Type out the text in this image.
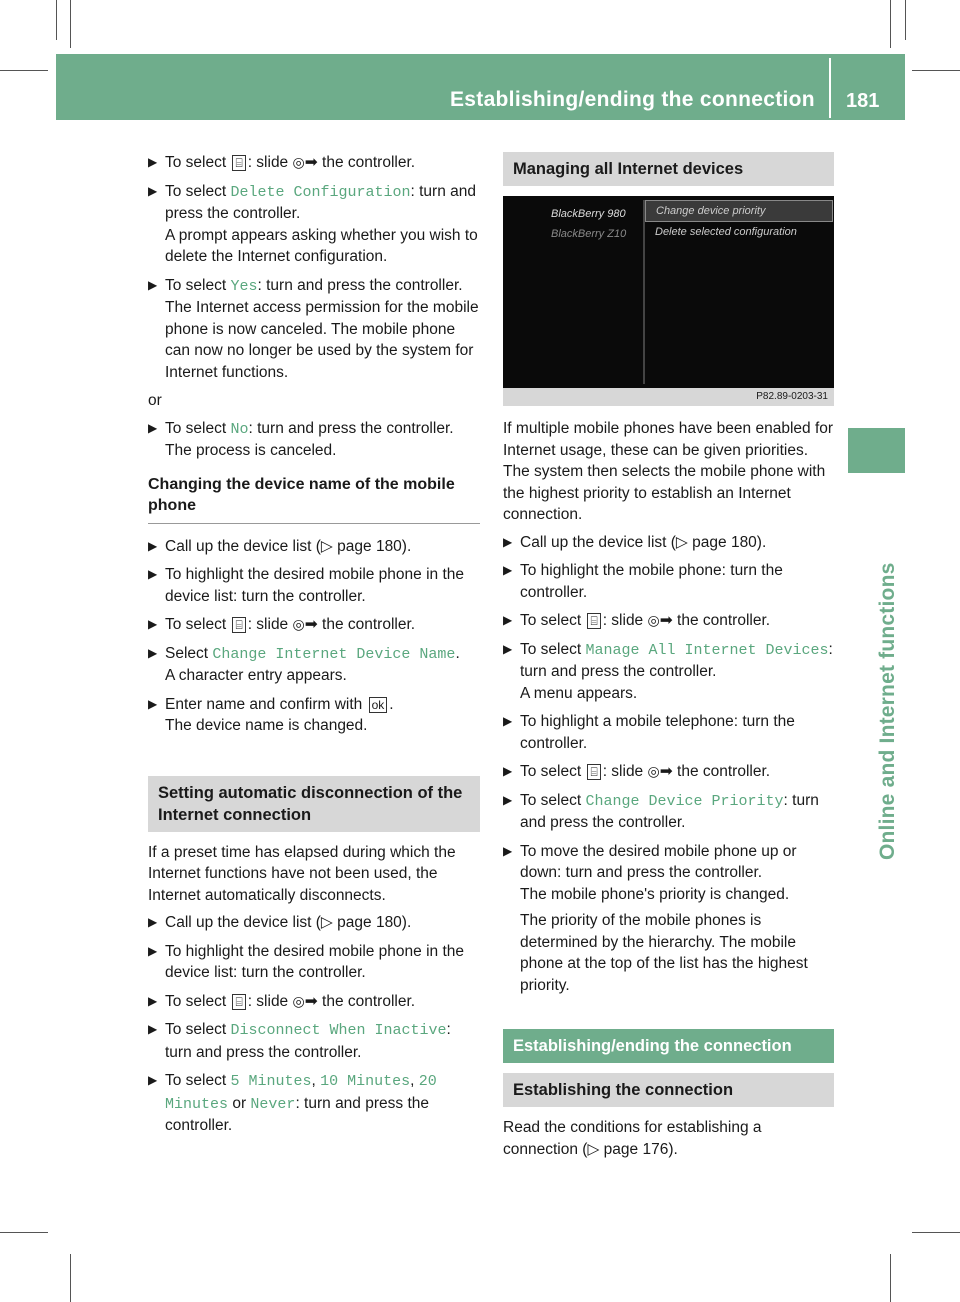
Establishing/ending the connection 181
Online and Internet functions
▶ To select ⌸ : slide ◎➡ the controller.
▶ To select Delete Configuration: turn and press the controller.
A prompt appears asking whether you wish to delete the Internet configuration.
▶ To select Yes: turn and press the controller.
The Internet access permission for the mobile phone is now canceled. The mobile phone can now no longer be used by the system for Internet functions.

or

▶ To select No: turn and press the controller.
The process is canceled.
Changing the device name of the mobile phone
▶ Call up the device list (▷ page 180).
▶ To highlight the desired mobile phone in the device list: turn the controller.
▶ To select ⌸ : slide ◎➡ the controller.
▶ Select Change Internet Device Name.
A character entry appears.
▶ Enter name and confirm with ok .
The device name is changed.
Setting automatic disconnection of the Internet connection

If a preset time has elapsed during which the Internet functions have not been used, the Internet automatically disconnects.

▶ Call up the device list (▷ page 180).
▶ To highlight the desired mobile phone in the device list: turn the controller.
▶ To select ⌸ : slide ◎➡ the controller.
▶ To select Disconnect When Inactive: turn and press the controller.
▶ To select 5 Minutes, 10 Minutes, 20 Minutes or Never: turn and press the controller.
Managing all Internet devices
BlackBerry 980
BlackBerry Z10
Change device priority
Delete selected configuration
P82.89-0203-31

If multiple mobile phones have been enabled for Internet usage, these can be given priorities. The system then selects the mobile phone with the highest priority to establish an Internet connection.

▶ Call up the device list (▷ page 180).
▶ To highlight the mobile phone: turn the controller.
▶ To select ⌸ : slide ◎➡ the controller.
▶ To select Manage All Internet Devices: turn and press the controller.
A menu appears.
▶ To highlight a mobile telephone: turn the controller.
▶ To select ⌸ : slide ◎➡ the controller.
▶ To select Change Device Priority: turn and press the controller.
▶ To move the desired mobile phone up or down: turn and press the controller.
The mobile phone's priority is changed.
The priority of the mobile phones is determined by the hierarchy. The mobile phone at the top of the list has the highest priority.
Establishing/ending the connection
Establishing the connection

Read the conditions for establishing a connection (▷ page 176).
